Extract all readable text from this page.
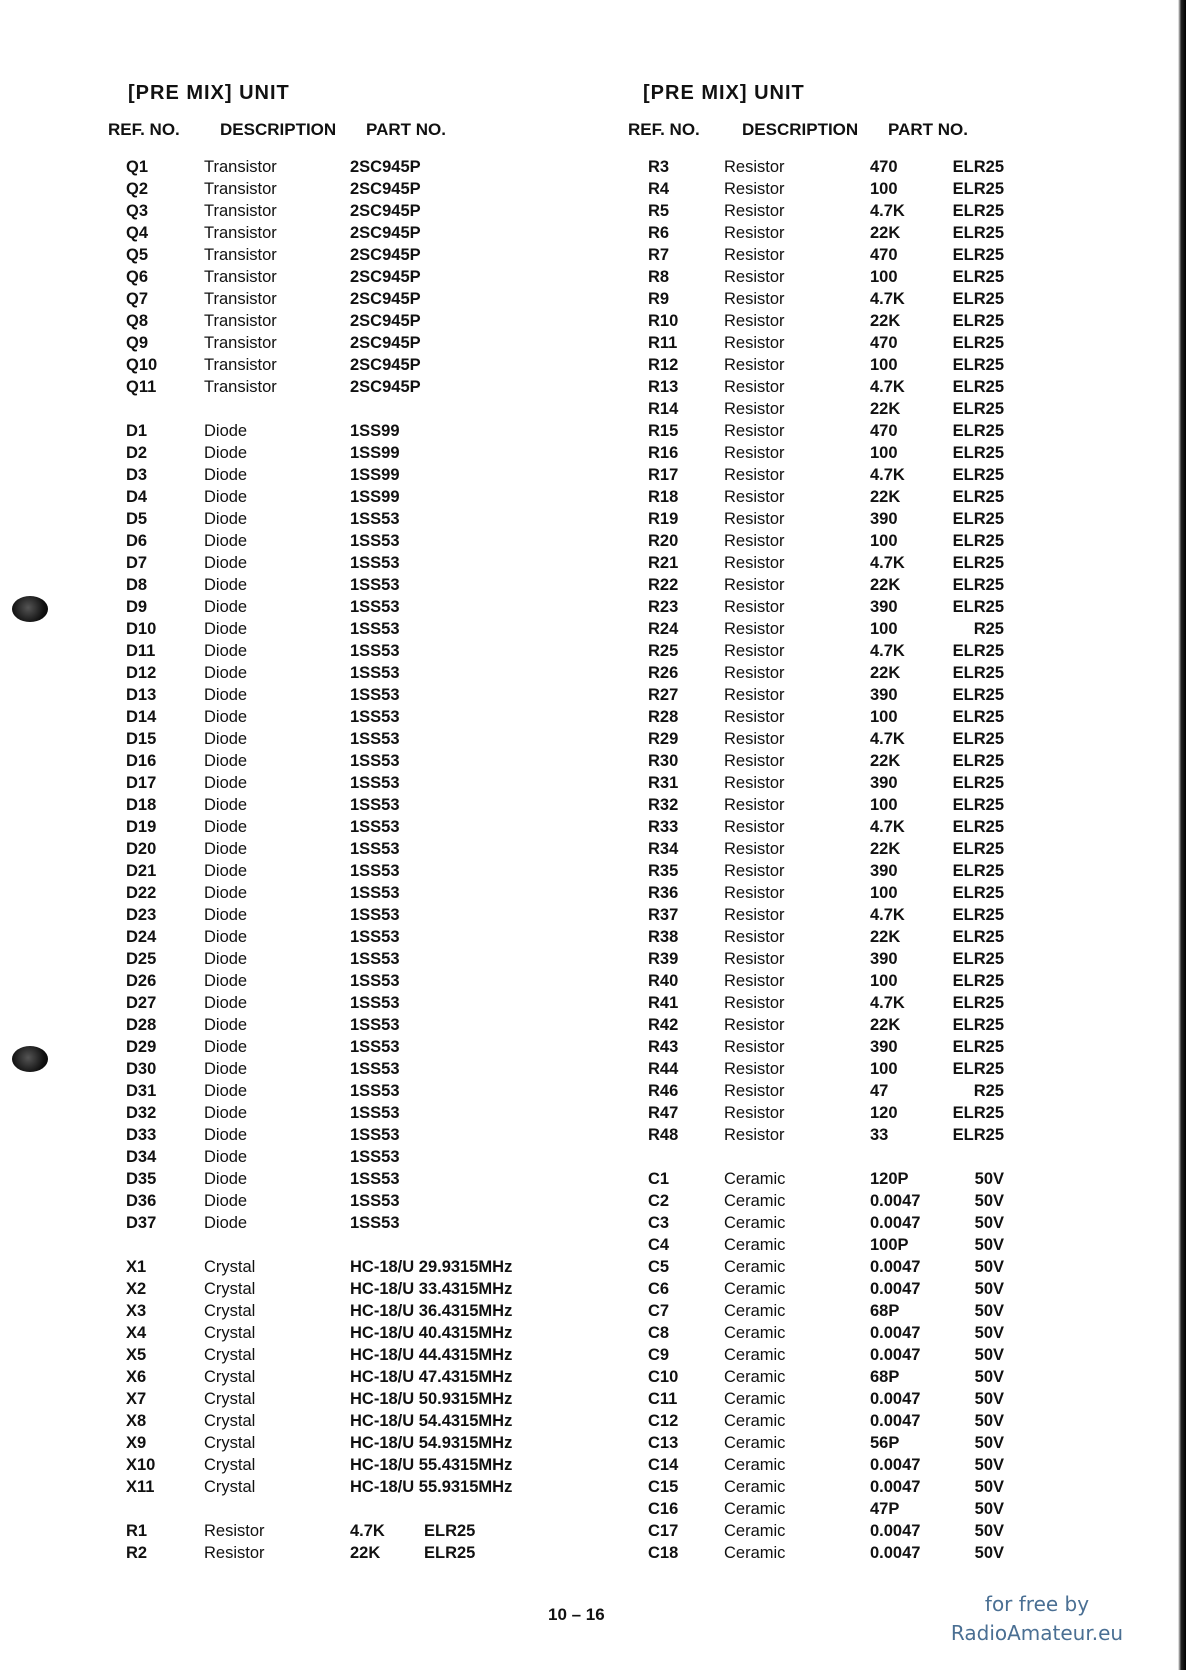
[PRE MIX] UNIT
REF. NO.	DESCRIPTION	PART NO.
Q1	Transistor	2SC945P
Q2	Transistor	2SC945P
Q3	Transistor	2SC945P
Q4	Transistor	2SC945P
Q5	Transistor	2SC945P
Q6	Transistor	2SC945P
Q7	Transistor	2SC945P
Q8	Transistor	2SC945P
Q9	Transistor	2SC945P
Q10	Transistor	2SC945P
Q11	Transistor	2SC945P
D1	Diode	1SS99
D2	Diode	1SS99
D3	Diode	1SS99
D4	Diode	1SS99
D5	Diode	1SS53
D6	Diode	1SS53
D7	Diode	1SS53
D8	Diode	1SS53
D9	Diode	1SS53
D10	Diode	1SS53
D11	Diode	1SS53
D12	Diode	1SS53
D13	Diode	1SS53
D14	Diode	1SS53
D15	Diode	1SS53
D16	Diode	1SS53
D17	Diode	1SS53
D18	Diode	1SS53
D19	Diode	1SS53
D20	Diode	1SS53
D21	Diode	1SS53
D22	Diode	1SS53
D23	Diode	1SS53
D24	Diode	1SS53
D25	Diode	1SS53
D26	Diode	1SS53
D27	Diode	1SS53
D28	Diode	1SS53
D29	Diode	1SS53
D30	Diode	1SS53
D31	Diode	1SS53
D32	Diode	1SS53
D33	Diode	1SS53
D34	Diode	1SS53
D35	Diode	1SS53
D36	Diode	1SS53
D37	Diode	1SS53
X1	Crystal	HC-18/U 29.9315MHz
X2	Crystal	HC-18/U 33.4315MHz
X3	Crystal	HC-18/U 36.4315MHz
X4	Crystal	HC-18/U 40.4315MHz
X5	Crystal	HC-18/U 44.4315MHz
X6	Crystal	HC-18/U 47.4315MHz
X7	Crystal	HC-18/U 50.9315MHz
X8	Crystal	HC-18/U 54.4315MHz
X9	Crystal	HC-18/U 54.9315MHz
X10	Crystal	HC-18/U 55.4315MHz
X11	Crystal	HC-18/U 55.9315MHz
R1	Resistor	4.7K	ELR25
R2	Resistor	22K	ELR25
[PRE MIX] UNIT
REF. NO.	DESCRIPTION	PART NO.
R3	Resistor	470	ELR25
R4	Resistor	100	ELR25
R5	Resistor	4.7K	ELR25
R6	Resistor	22K	ELR25
R7	Resistor	470	ELR25
R8	Resistor	100	ELR25
R9	Resistor	4.7K	ELR25
R10	Resistor	22K	ELR25
R11	Resistor	470	ELR25
R12	Resistor	100	ELR25
R13	Resistor	4.7K	ELR25
R14	Resistor	22K	ELR25
R15	Resistor	470	ELR25
R16	Resistor	100	ELR25
R17	Resistor	4.7K	ELR25
R18	Resistor	22K	ELR25
R19	Resistor	390	ELR25
R20	Resistor	100	ELR25
R21	Resistor	4.7K	ELR25
R22	Resistor	22K	ELR25
R23	Resistor	390	ELR25
R24	Resistor	100	R25
R25	Resistor	4.7K	ELR25
R26	Resistor	22K	ELR25
R27	Resistor	390	ELR25
R28	Resistor	100	ELR25
R29	Resistor	4.7K	ELR25
R30	Resistor	22K	ELR25
R31	Resistor	390	ELR25
R32	Resistor	100	ELR25
R33	Resistor	4.7K	ELR25
R34	Resistor	22K	ELR25
R35	Resistor	390	ELR25
R36	Resistor	100	ELR25
R37	Resistor	4.7K	ELR25
R38	Resistor	22K	ELR25
R39	Resistor	390	ELR25
R40	Resistor	100	ELR25
R41	Resistor	4.7K	ELR25
R42	Resistor	22K	ELR25
R43	Resistor	390	ELR25
R44	Resistor	100	ELR25
R46	Resistor	47	R25
R47	Resistor	120	ELR25
R48	Resistor	33	ELR25
C1	Ceramic	120P	50V
C2	Ceramic	0.0047	50V
C3	Ceramic	0.0047	50V
C4	Ceramic	100P	50V
C5	Ceramic	0.0047	50V
C6	Ceramic	0.0047	50V
C7	Ceramic	68P	50V
C8	Ceramic	0.0047	50V
C9	Ceramic	0.0047	50V
C10	Ceramic	68P	50V
C11	Ceramic	0.0047	50V
C12	Ceramic	0.0047	50V
C13	Ceramic	56P	50V
C14	Ceramic	0.0047	50V
C15	Ceramic	0.0047	50V
C16	Ceramic	47P	50V
C17	Ceramic	0.0047	50V
C18	Ceramic	0.0047	50V
10 – 16	for free by
RadioAmateur.eu
